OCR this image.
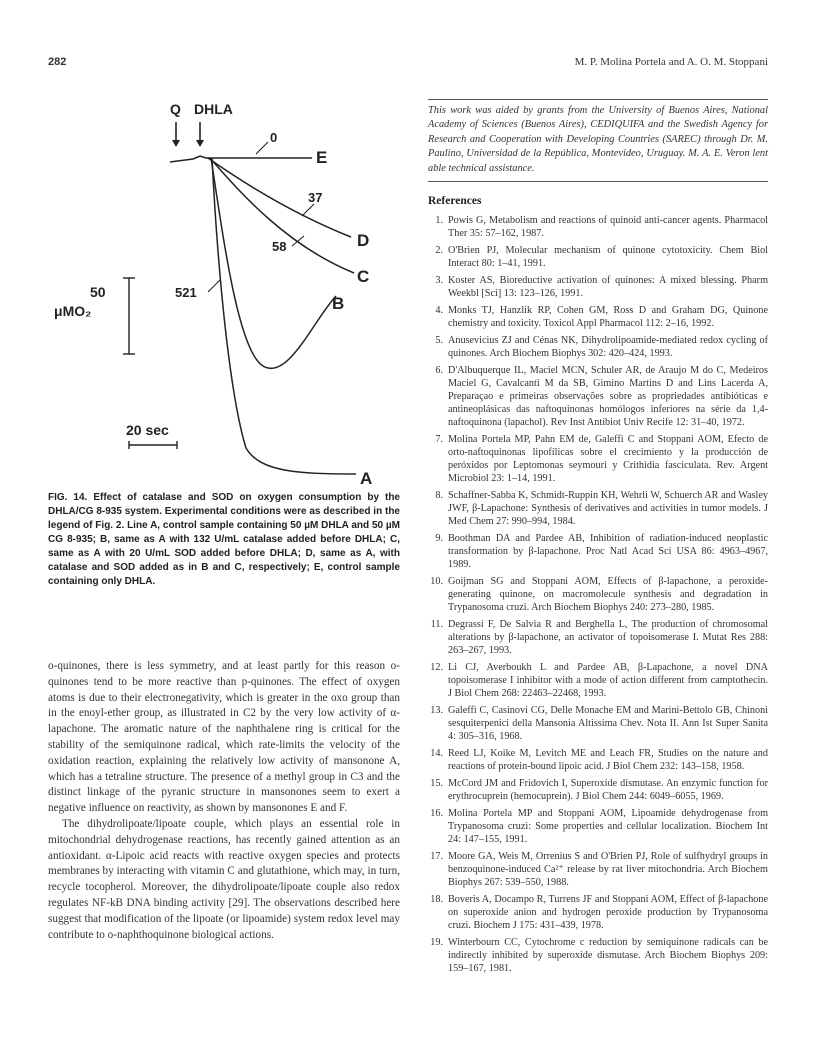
282	M. P. Molina Portela and A. O. M. Stoppani
Q DHLA
0
E
37
D
58
C
521
B
A
50
μMO₂
20 sec
FIG. 14. Effect of catalase and SOD on oxygen consumption by the DHLA/CG 8-935 system. Experimental conditions were as described in the legend of Fig. 2. Line A, control sample containing 50 µM DHLA and 50 µM CG 8-935; B, same as A with 132 U/mL catalase added before DHLA; C, same as A with 20 U/mL SOD added before DHLA; D, same as A, with catalase and SOD added as in B and C, respectively; E, control sample containing only DHLA.

o-quinones, there is less symmetry, and at least partly for this reason o-quinones tend to be more reactive than p-quinones. The effect of oxygen atoms is due to their electronegativity, which is greater in the oxo group than in the enoyl-ether group, as illustrated in C2 by the very low activity of α-lapachone. The aromatic nature of the naphthalene ring is critical for the stability of the semiquinone radical, which rate-limits the velocity of the oxidation reaction, explaining the relatively low activity of mansonone A, which has a tetraline structure. The presence of a methyl group in C3 and the distinct linkage of the pyranic structure in mansonones seem to exert a negative influence on reactivity, as shown by mansonones E and F.

The dihydrolipoate/lipoate couple, which plays an essential role in mitochondrial dehydrogenase reactions, has recently gained attention as an antioxidant. α-Lipoic acid reacts with reactive oxygen species and protects membranes by interacting with vitamin C and glutathione, which may, in turn, recycle tocopherol. Moreover, the dihydrolipoate/lipoate couple also redox regulates NF-kB DNA binding activity [29]. The observations described here suggest that modification of the lipoate (or lipoamide) system redox level may contribute to o-naphthoquinone biological actions.

This work was aided by grants from the University of Buenos Aires, National Academy of Sciences (Buenos Aires), CEDIQUIFA and the Swedish Agency for Research and Cooperation with Developing Countries (SAREC) through Dr. M. Paulino, Universidad de la República, Montevideo, Uruguay. M. A. E. Veron lent able technical assistance.
References
1. Powis G, Metabolism and reactions of quinoid anti-cancer agents. Pharmacol Ther 35: 57–162, 1987.
2. O'Brien PJ, Molecular mechanism of quinone cytotoxicity. Chem Biol Interact 80: 1–41, 1991.
3. Koster AS, Bioreductive activation of quinones: A mixed blessing. Pharm Weekbl [Sci] 13: 123–126, 1991.
4. Monks TJ, Hanzlik RP, Cohen GM, Ross D and Graham DG, Quinone chemistry and toxicity. Toxicol Appl Pharmacol 112: 2–16, 1992.
5. Anusevicius ZJ and Cénas NK, Dihydrolipoamide-mediated redox cycling of quinones. Arch Biochem Biophys 302: 420–424, 1993.
6. D'Albuquerque IL, Maciel MCN, Schuler AR, de Araujo M do C, Medeiros Maciel G, Cavalcanti M da SB, Gimino Martins D and Lins Lacerda A, Preparaçao e primeiras observações sobre as propriedades antibióticas e antineoplásicas das naftoquinonas homólogos inferiores na série da 1,4-naftoquinona (lapachol). Rev Inst Antibiot Univ Recife 12: 31–40, 1972.
7. Molina Portela MP, Pahn EM de, Galeffi C and Stoppani AOM, Efecto de orto-naftoquinonas lipofílicas sobre el crecimiento y la producción de peróxidos por Leptomonas seymouri y Crithidia fasciculata. Rev. Argent Microbiol 23: 1–14, 1991.
8. Schaffner-Sabba K, Schmidt-Ruppin KH, Wehrli W, Schuerch AR and Wasley JWF, β-Lapachone: Synthesis of derivatives and activities in tumor models. J Med Chem 27: 990–994, 1984.
9. Boothman DA and Pardee AB, Inhibition of radiation-induced neoplastic transformation by β-lapachone. Proc Natl Acad Sci USA 86: 4963–4967, 1989.
10. Goijman SG and Stoppani AOM, Effects of β-lapachone, a peroxide-generating quinone, on macromolecule synthesis and degradation in Trypanosoma cruzi. Arch Biochem Biophys 240: 273–280, 1985.
11. Degrassi F, De Salvia R and Berghella L, The production of chromosomal alterations by β-lapachone, an activator of topoisomerase I. Mutat Res 288: 263–267, 1993.
12. Li CJ, Averboukh L and Pardee AB, β-Lapachone, a novel DNA topoisomerase I inhibitor with a mode of action different from camptothecin. J Biol Chem 268: 22463–22468, 1993.
13. Galeffi C, Casinovi CG, Delle Monache EM and Marini-Bettolo GB, Chinoni sesquiterpenici della Mansonia Altissima Chev. Nota II. Ann Ist Super Sanita 4: 305–316, 1968.
14. Reed LJ, Koike M, Levitch ME and Leach FR, Studies on the nature and reactions of protein-bound lipoic acid. J Biol Chem 232: 143–158, 1958.
15. McCord JM and Fridovich I, Superoxide dismutase. An enzymic function for erythrocuprein (hemocuprein). J Biol Chem 244: 6049–6055, 1969.
16. Molina Portela MP and Stoppani AOM, Lipoamide dehydrogenase from Trypanosoma cruzi: Some properties and cellular localization. Biochem Int 24: 147–155, 1991.
17. Moore GA, Weis M, Orrenius S and O'Brien PJ, Role of sulfhydryl groups in benzoquinone-induced Ca²⁺ release by rat liver mitochondria. Arch Biochem Biophys 267: 539–550, 1988.
18. Boveris A, Docampo R, Turrens JF and Stoppani AOM, Effect of β-lapachone on superoxide anion and hydrogen peroxide production by Trypanosoma cruzi. Biochem J 175: 431–439, 1978.
19. Winterbourn CC, Cytochrome c reduction by semiquinone radicals can be indirectly inhibited by superoxide dismutase. Arch Biochem Biophys 209: 159–167, 1981.
